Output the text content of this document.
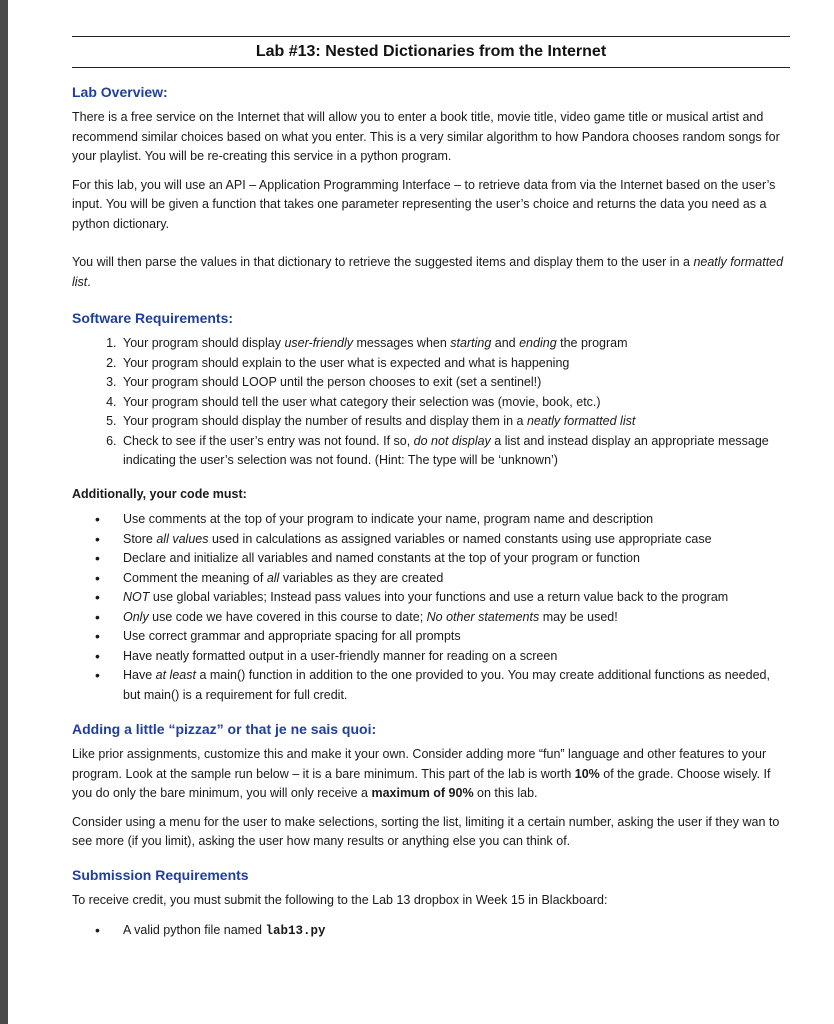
Lab #13: Nested Dictionaries from the Internet
Lab Overview:

There is a free service on the Internet that will allow you to enter a book title, movie title, video game title or musical artist and recommend similar choices based on what you enter. This is a very similar algorithm to how Pandora chooses random songs for your playlist. You will be re-creating this service in a python program.

For this lab, you will use an API – Application Programming Interface – to retrieve data from via the Internet based on the user’s input. You will be given a function that takes one parameter representing the user’s choice and returns the data you need as a python dictionary.

You will then parse the values in that dictionary to retrieve the suggested items and display them to the user in a neatly formatted list.

Software Requirements:
1. Your program should display user-friendly messages when starting and ending the program
2. Your program should explain to the user what is expected and what is happening
3. Your program should LOOP until the person chooses to exit (set a sentinel!)
4. Your program should tell the user what category their selection was (movie, book, etc.)
5. Your program should display the number of results and display them in a neatly formatted list
6. Check to see if the user’s entry was not found. If so, do not display a list and instead display an appropriate message indicating the user’s selection was not found. (Hint: The type will be ‘unknown’)
Additionally, your code must:
• Use comments at the top of your program to indicate your name, program name and description
• Store all values used in calculations as assigned variables or named constants using use appropriate case
• Declare and initialize all variables and named constants at the top of your program or function
• Comment the meaning of all variables as they are created
• NOT use global variables; Instead pass values into your functions and use a return value back to the program
• Only use code we have covered in this course to date; No other statements may be used!
• Use correct grammar and appropriate spacing for all prompts
• Have neatly formatted output in a user-friendly manner for reading on a screen
• Have at least a main() function in addition to the one provided to you. You may create additional functions as needed, but main() is a requirement for full credit.
Adding a little “pizzaz” or that je ne sais quoi:

Like prior assignments, customize this and make it your own. Consider adding more “fun” language and other features to your program. Look at the sample run below – it is a bare minimum. This part of the lab is worth 10% of the grade. Choose wisely. If you do only the bare minimum, you will only receive a maximum of 90% on this lab.

Consider using a menu for the user to make selections, sorting the list, limiting it a certain number, asking the user if they wan to see more (if you limit), asking the user how many results or anything else you can think of.

Submission Requirements

To receive credit, you must submit the following to the Lab 13 dropbox in Week 15 in Blackboard:

• A valid python file named lab13.py
